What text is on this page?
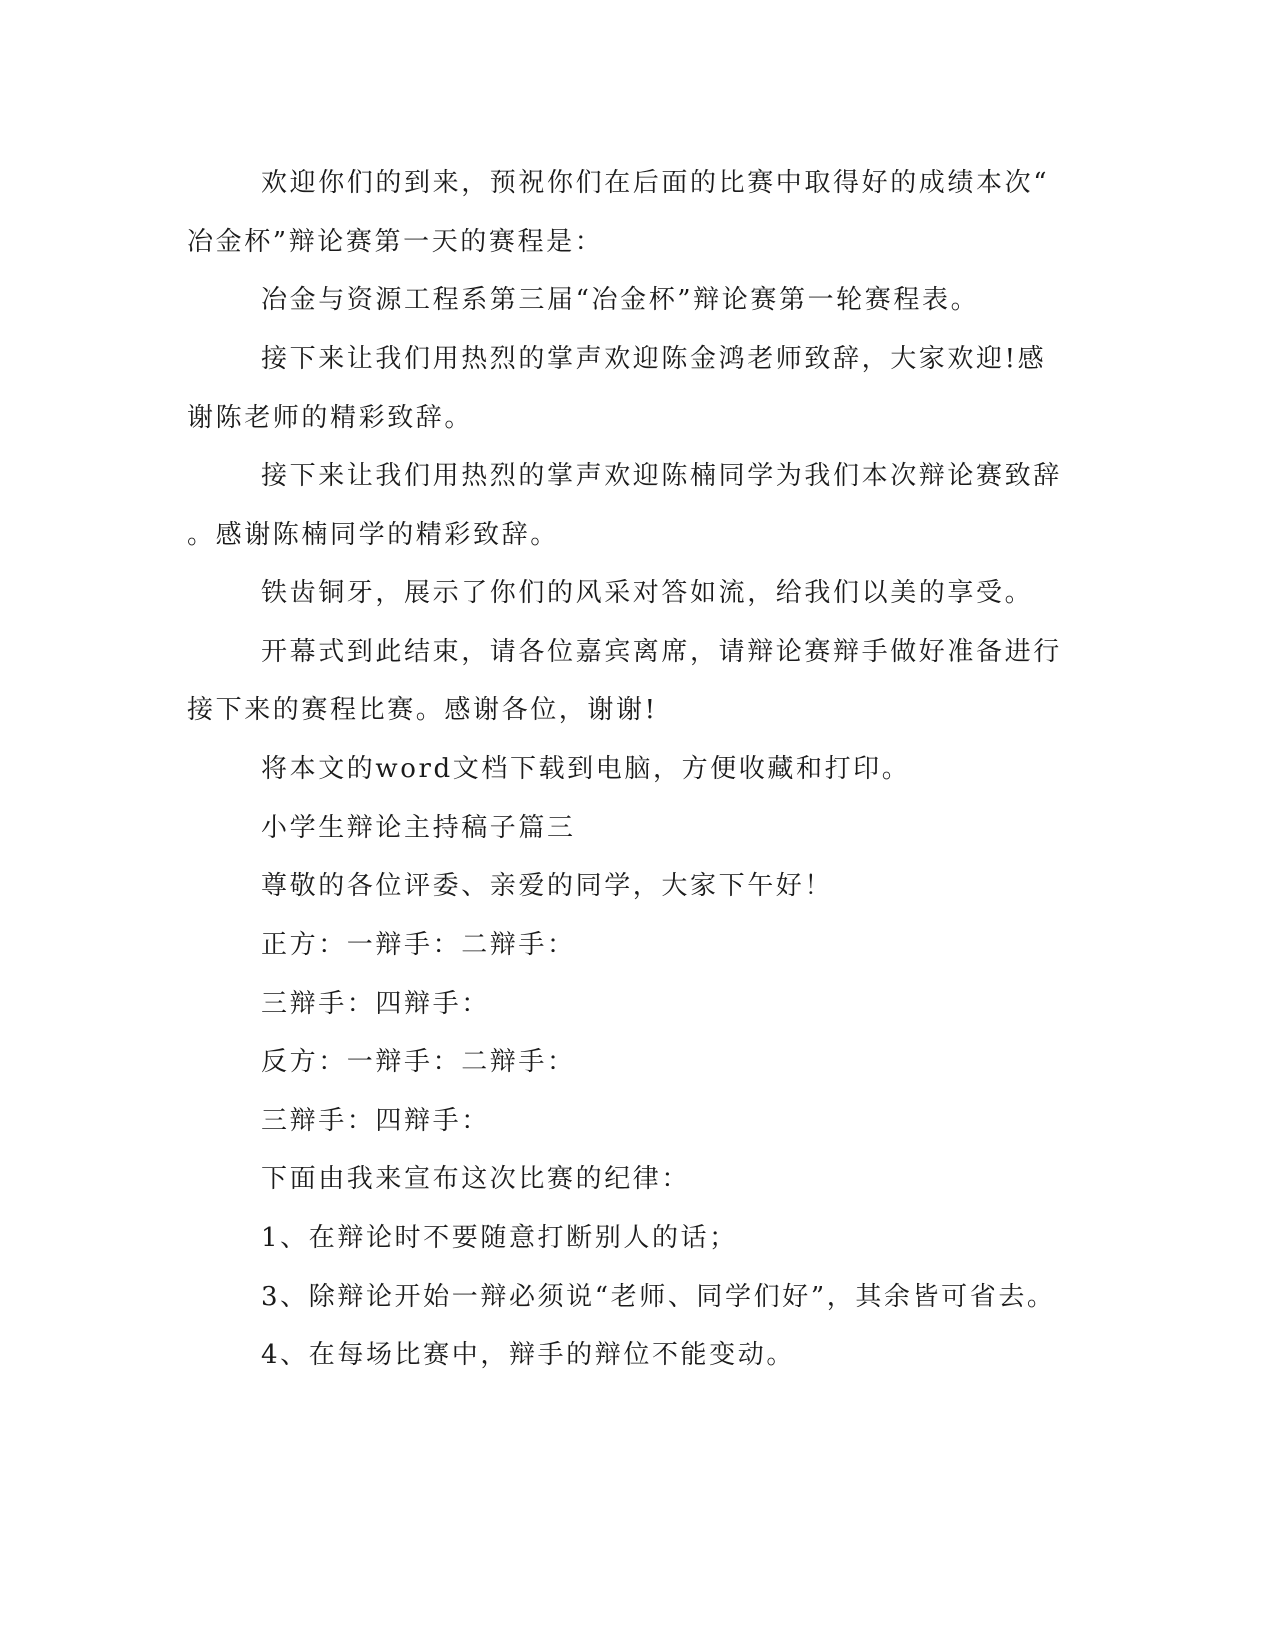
欢迎你们的到来，预祝你们在后面的比赛中取得好的成绩本次“
冶金杯”辩论赛第一天的赛程是：
冶金与资源工程系第三届“冶金杯”辩论赛第一轮赛程表。
接下来让我们用热烈的掌声欢迎陈金鸿老师致辞，大家欢迎!感
谢陈老师的精彩致辞。
接下来让我们用热烈的掌声欢迎陈楠同学为我们本次辩论赛致辞
。感谢陈楠同学的精彩致辞。
铁齿铜牙，展示了你们的风采对答如流，给我们以美的享受。
开幕式到此结束，请各位嘉宾离席，请辩论赛辩手做好准备进行
接下来的赛程比赛。感谢各位，谢谢!
将本文的word文档下载到电脑，方便收藏和打印。
小学生辩论主持稿子篇三
尊敬的各位评委、亲爱的同学，大家下午好！
正方：一辩手：二辩手：
三辩手：四辩手：
反方：一辩手：二辩手：
三辩手：四辩手：
下面由我来宣布这次比赛的纪律：
1、在辩论时不要随意打断别人的话；
3、除辩论开始一辩必须说“老师、同学们好”，其余皆可省去。
4、在每场比赛中，辩手的辩位不能变动。
